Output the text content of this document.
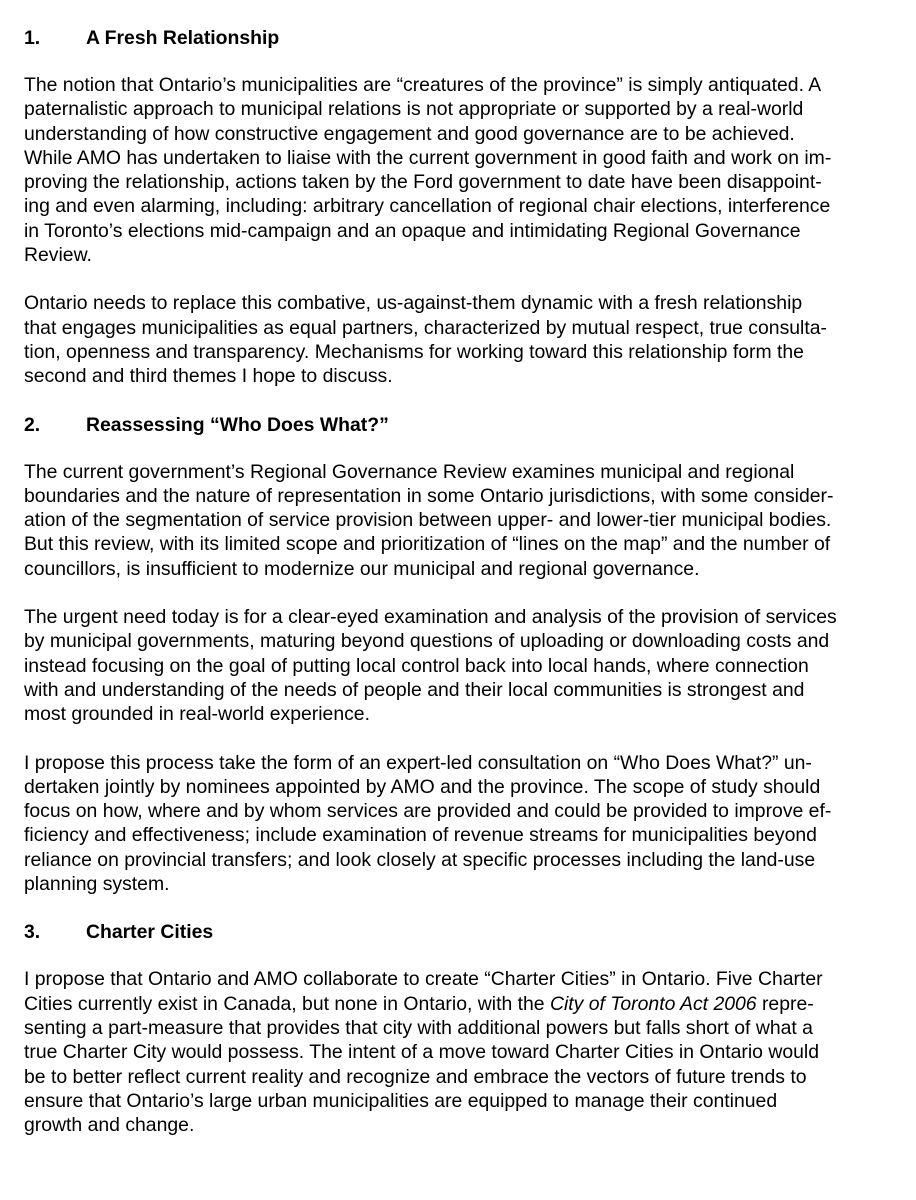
1.	A Fresh Relationship

The notion that Ontario’s municipalities are “creatures of the province” is simply antiquated. A
paternalistic approach to municipal relations is not appropriate or supported by a real-world
understanding of how constructive engagement and good governance are to be achieved.
While AMO has undertaken to liaise with the current government in good faith and work on im-
proving the relationship, actions taken by the Ford government to date have been disappoint-
ing and even alarming, including: arbitrary cancellation of regional chair elections, interference
in Toronto’s elections mid-campaign and an opaque and intimidating Regional Governance
Review.

Ontario needs to replace this combative, us-against-them dynamic with a fresh relationship
that engages municipalities as equal partners, characterized by mutual respect, true consulta-
tion, openness and transparency. Mechanisms for working toward this relationship form the
second and third themes I hope to discuss.

2.	Reassessing “Who Does What?”

The current government’s Regional Governance Review examines municipal and regional
boundaries and the nature of representation in some Ontario jurisdictions, with some consider-
ation of the segmentation of service provision between upper- and lower-tier municipal bodies.
But this review, with its limited scope and prioritization of “lines on the map” and the number of
councillors, is insufficient to modernize our municipal and regional governance.

The urgent need today is for a clear-eyed examination and analysis of the provision of services
by municipal governments, maturing beyond questions of uploading or downloading costs and
instead focusing on the goal of putting local control back into local hands, where connection
with and understanding of the needs of people and their local communities is strongest and
most grounded in real-world experience.

I propose this process take the form of an expert-led consultation on “Who Does What?” un-
dertaken jointly by nominees appointed by AMO and the province. The scope of study should
focus on how, where and by whom services are provided and could be provided to improve ef-
ficiency and effectiveness; include examination of revenue streams for municipalities beyond
reliance on provincial transfers; and look closely at specific processes including the land-use
planning system.

3.	Charter Cities

I propose that Ontario and AMO collaborate to create “Charter Cities” in Ontario. Five Charter
Cities currently exist in Canada, but none in Ontario, with the City of Toronto Act 2006 repre-
senting a part-measure that provides that city with additional powers but falls short of what a
true Charter City would possess. The intent of a move toward Charter Cities in Ontario would
be to better reflect current reality and recognize and embrace the vectors of future trends to
ensure that Ontario’s large urban municipalities are equipped to manage their continued
growth and change.
